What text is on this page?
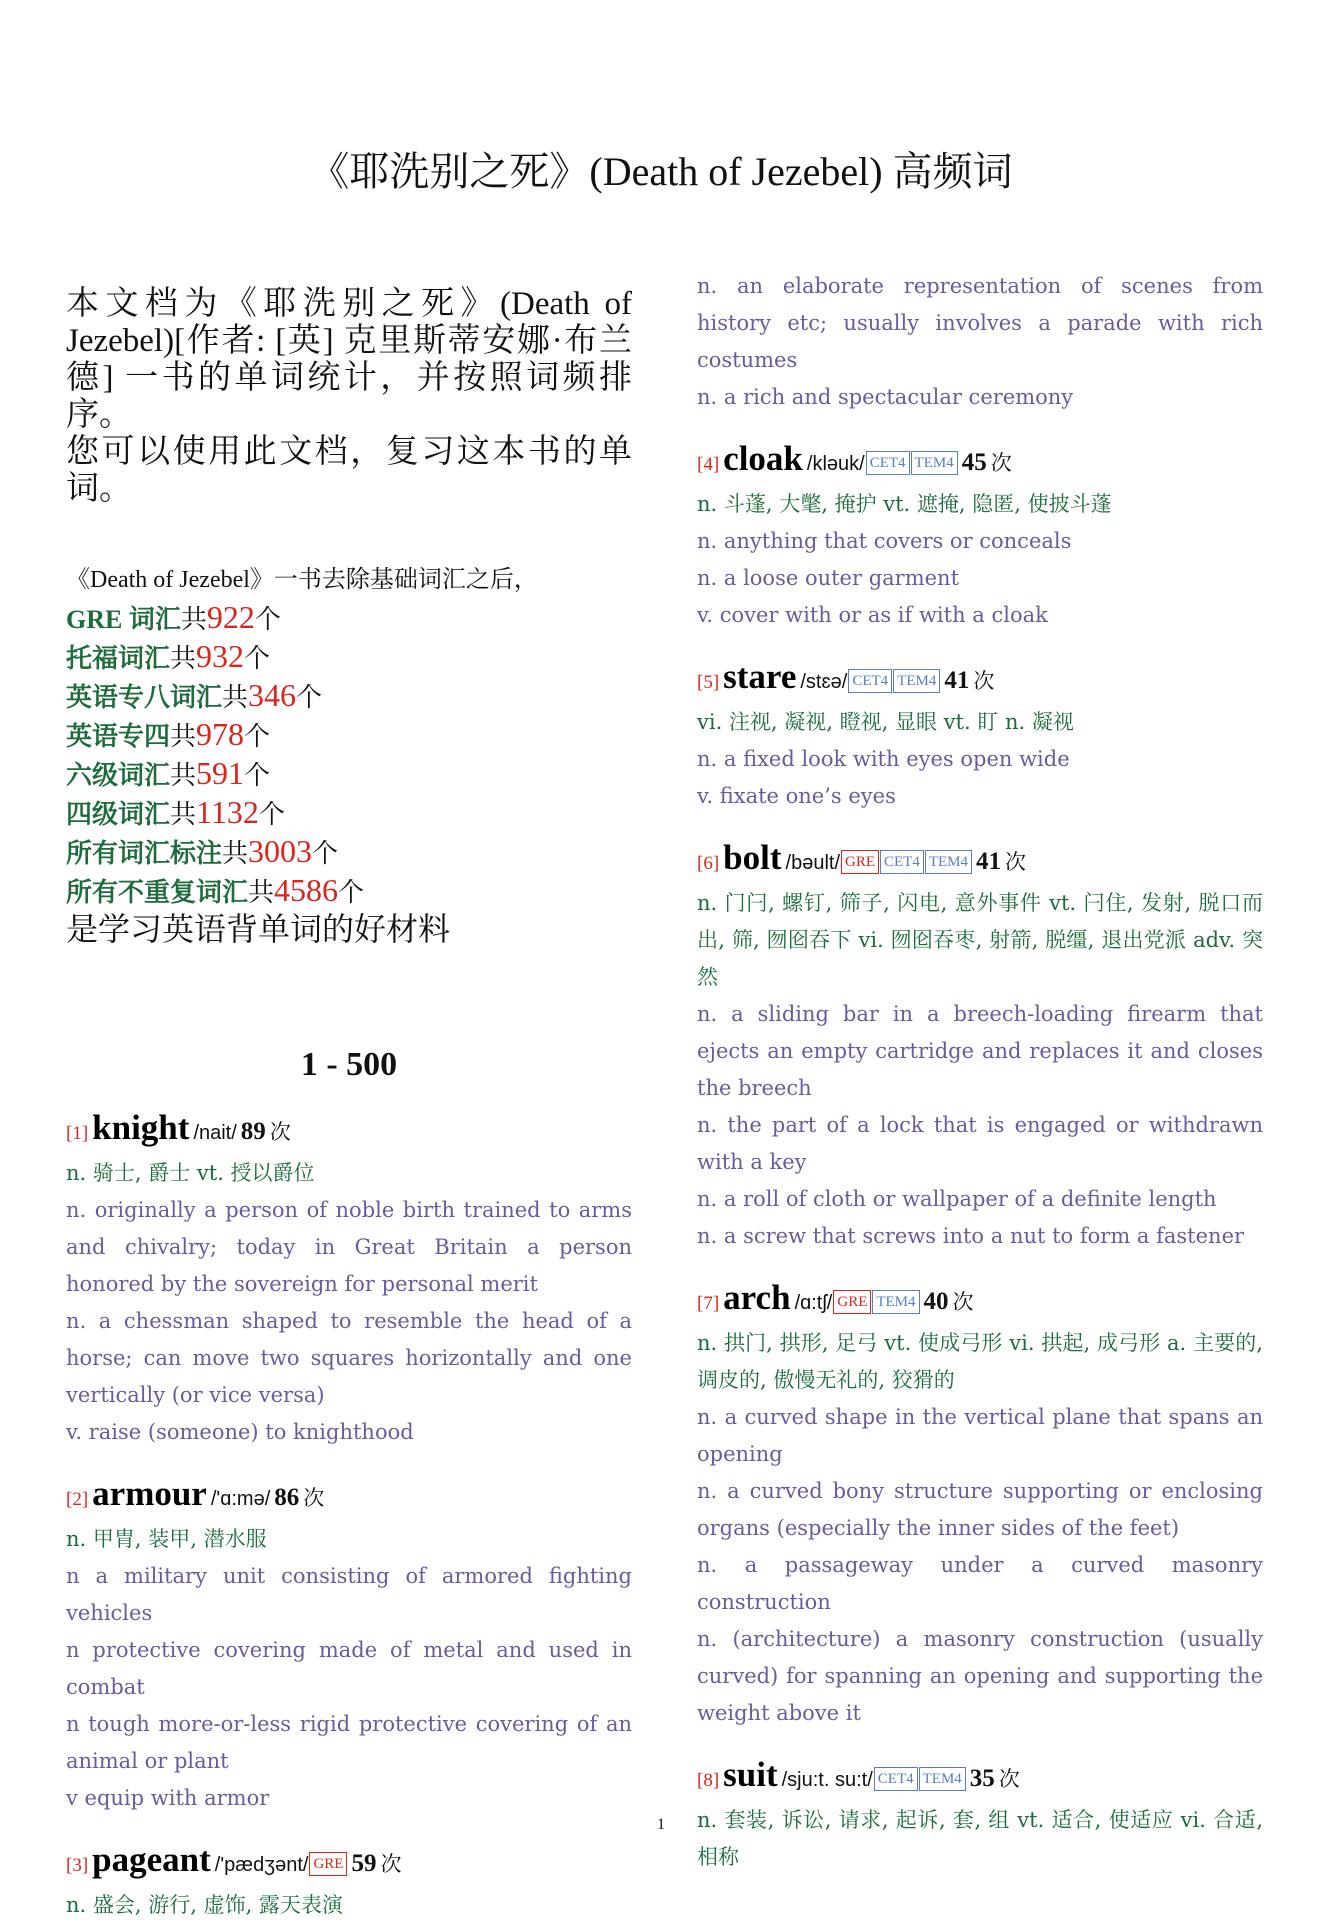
《耶洗别之死》(Death of Jezebel) 高频词

本文档为《耶洗别之死》(Death of Jezebel)[作者: [英] 克里斯蒂安娜·布兰德] 一书的单词统计，并按照词频排序。

您可以使用此文档，复习这本书的单词。

《Death of Jezebel》一书去除基础词汇之后，
GRE 词汇共922个
托福词汇共932个
英语专八词汇共346个
英语专四共978个
六级词汇共591个
四级词汇共1132个
所有词汇标注共3003个
所有不重复词汇共4586个
是学习英语背单词的好材料
1 - 500
[1] knight /nait/ 89 次
n. 骑士, 爵士 vt. 授以爵位
n. originally a person of noble birth trained to arms and chivalry; today in Great Britain a person honored by the sovereign for personal merit
n. a chessman shaped to resemble the head of a horse; can move two squares horizontally and one vertically (or vice versa)
v. raise (someone) to knighthood
[2] armour /'ɑ:mə/ 86 次
n. 甲胄, 装甲, 潜水服
n a military unit consisting of armored fighting vehicles
n protective covering made of metal and used in combat
n tough more-or-less rigid protective covering of an animal or plant
v equip with armor
[3] pageant /'pædʒənt/ GRE 59 次
n. 盛会, 游行, 虚饰, 露天表演
n. an elaborate representation of scenes from history etc; usually involves a parade with rich costumes
n. a rich and spectacular ceremony
[4] cloak /kləuk/ CET4 TEM4 45 次
n. 斗蓬, 大氅, 掩护 vt. 遮掩, 隐匿, 使披斗蓬
n. anything that covers or conceals
n. a loose outer garment
v. cover with or as if with a cloak
[5] stare /stɛə/ CET4 TEM4 41 次
vi. 注视, 凝视, 瞪视, 显眼 vt. 盯 n. 凝视
n. a fixed look with eyes open wide
v. fixate one’s eyes
[6] bolt /bəult/ GRE CET4 TEM4 41 次
n. 门闩, 螺钉, 筛子, 闪电, 意外事件 vt. 闩住, 发射, 脱口而出, 筛, 囫囵吞下 vi. 囫囵吞枣, 射箭, 脱缰, 退出党派 adv. 突然
n. a sliding bar in a breech-loading firearm that ejects an empty cartridge and replaces it and closes the breech
n. the part of a lock that is engaged or withdrawn with a key
n. a roll of cloth or wallpaper of a definite length
n. a screw that screws into a nut to form a fastener
[7] arch /ɑ:tʃ/ GRE TEM4 40 次
n. 拱门, 拱形, 足弓 vt. 使成弓形 vi. 拱起, 成弓形 a. 主要的, 调皮的, 傲慢无礼的, 狡猾的
n. a curved shape in the vertical plane that spans an opening
n. a curved bony structure supporting or enclosing organs (especially the inner sides of the feet)
n. a passageway under a curved masonry construction
n. (architecture) a masonry construction (usually curved) for spanning an opening and supporting the weight above it
[8] suit /sju:t. su:t/ CET4 TEM4 35 次
n. 套装, 诉讼, 请求, 起诉, 套, 组 vt. 适合, 使适应 vi. 合适, 相称
1
